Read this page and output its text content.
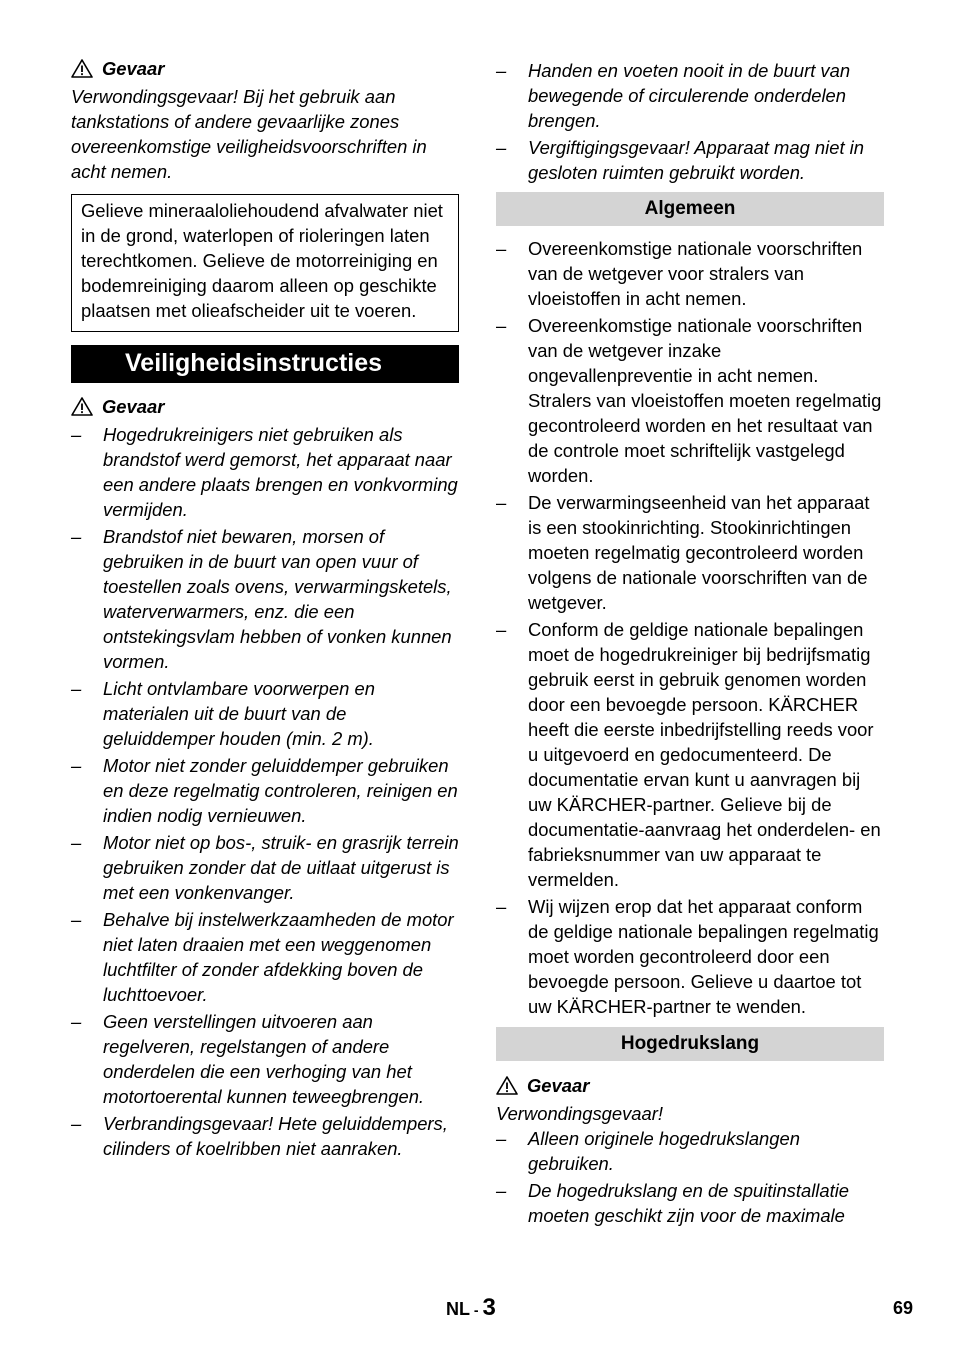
Gevaar

Verwondingsgevaar! Bij het gebruik aan tankstations of andere gevaarlijke zones overeenkomstige veiligheidsvoorschriften in acht nemen.

Gelieve mineraaloliehoudend afvalwater niet in de grond, waterlopen of rioleringen laten terechtkomen. Gelieve de motorreiniging en bodemreiniging daarom alleen op geschikte plaatsen met olieafscheider uit te voeren.
Veiligheidsinstructies
Gevaar
–	Hogedrukreinigers niet gebruiken als brandstof werd gemorst, het apparaat naar een andere plaats brengen en vonkvorming vermijden.
–	Brandstof niet bewaren, morsen of gebruiken in de buurt van open vuur of toestellen zoals ovens, verwarmingsketels, waterverwarmers, enz. die een ontstekingsvlam hebben of vonken kunnen vormen.
–	Licht ontvlambare voorwerpen en materialen uit de buurt van de geluiddemper houden (min. 2 m).
–	Motor niet zonder geluiddemper gebruiken en deze regelmatig controleren, reinigen en indien nodig vernieuwen.
–	Motor niet op bos-, struik- en grasrijk terrein gebruiken zonder dat de uitlaat uitgerust is met een vonkenvanger.
–	Behalve bij instelwerkzaamheden de motor niet laten draaien met een weggenomen luchtfilter of zonder afdekking boven de luchttoevoer.
–	Geen verstellingen uitvoeren aan regelveren, regelstangen of andere onderdelen die een verhoging van het motortoerental kunnen teweegbrengen.
–	Verbrandingsgevaar! Hete geluiddempers, cilinders of koelribben niet aanraken.
–	Handen en voeten nooit in de buurt van bewegende of circulerende onderdelen brengen.
–	Vergiftigingsgevaar! Apparaat mag niet in gesloten ruimten gebruikt worden.
Algemeen
–	Overeenkomstige nationale voorschriften van de wetgever voor stralers van vloeistoffen in acht nemen.
–	Overeenkomstige nationale voorschriften van de wetgever inzake ongevallenpreventie in acht nemen. Stralers van vloeistoffen moeten regelmatig gecontroleerd worden en het resultaat van de controle moet schriftelijk vastgelegd worden.
–	De verwarmingseenheid van het apparaat is een stookinrichting. Stookinrichtingen moeten regelmatig gecontroleerd worden volgens de nationale voorschriften van de wetgever.
–	Conform de geldige nationale bepalingen moet de hogedrukreiniger bij bedrijfsmatig gebruik eerst in gebruik genomen worden door een bevoegde persoon. KÄRCHER heeft die eerste inbedrijfstelling reeds voor u uitgevoerd en gedocumenteerd. De documentatie ervan kunt u aanvragen bij uw KÄRCHER-partner. Gelieve bij de documentatie-aanvraag het onderdelen- en fabrieksnummer van uw apparaat te vermelden.
–	Wij wijzen erop dat het apparaat conform de geldige nationale bepalingen regelmatig moet worden gecontroleerd door een bevoegde persoon. Gelieve u daartoe tot uw KÄRCHER-partner te wenden.
Hogedrukslang
Gevaar

Verwondingsgevaar!

–	Alleen originele hogedrukslangen gebruiken.
–	De hogedrukslang en de spuitinstallatie moeten geschikt zijn voor de maximale
NL - 3	69
